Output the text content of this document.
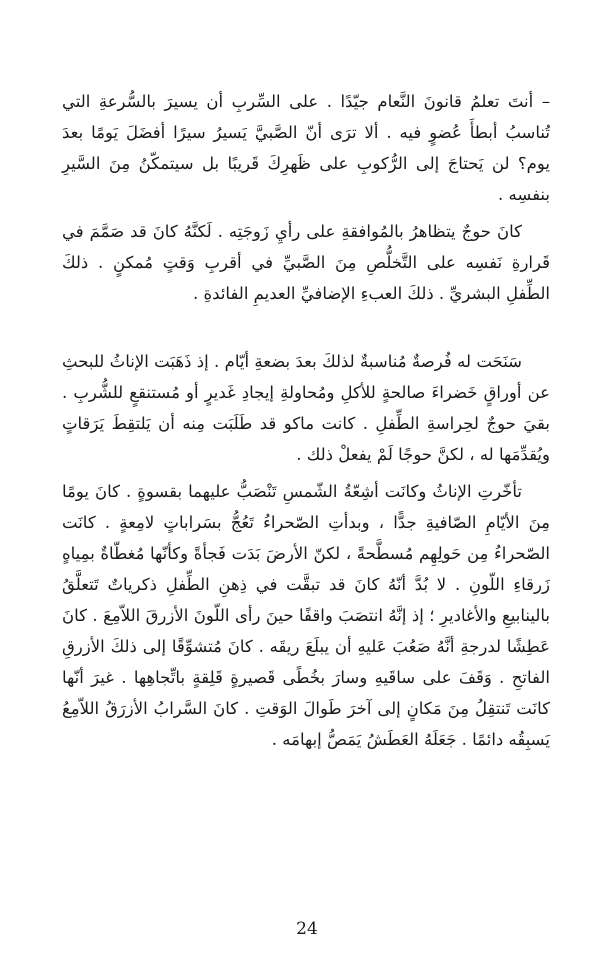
– أنتَ تعلمُ قانونَ النَّعام جيّدًا . على السِّربِ أن يسيرَ بالسُّرعةِ التي تُناسبُ أبطأَ عُضوٍ فيه . ألا ترَى أنّ الصَّبيَّ يَسيرُ سيرًا أفضَلَ يَومًا بعدَ يوم؟ لن يَحتاجَ إلى الرُّكوبِ على ظَهرِكَ قَريبًا بل سيتمكّنُ مِنَ السَّيرِ بنفسِه .

كانَ حوجٌ يتظاهرُ بالمُوافقةِ على رأيِ زَوجَتِه . لَكنَّهُ كانَ قد صَمَّمَ في قَرارةِ نَفسِه على التَّخلُّصِ مِنَ الصَّبيِّ في أقربِ وَقتٍ مُمكنٍ . ذلكَ الطِّفلِ البشريِّ . ذلكَ العبءِ الإضافيِّ العديمِ الفائدةِ .

سَنَحَت له فُرصةٌ مُناسبةٌ لذلكَ بعدَ بضعةِ أيّام . إذ ذَهَبَت الإناثُ للبحثِ عن أوراقٍ خَضراءَ صالحةٍ للأكلِ ومُحاولةِ إيجادِ غَديرٍ أو مُستنقعٍ للشُّربِ . بقيَ حوجٌ لحِراسةِ الطِّفلِ . كانت ماكو قد طَلَبَت مِنه أن يَلتقِطَ يَرَقاتٍ ويُقدِّمَها له ، لكنَّ حوجًا لَمْ يفعلْ ذلك .

تأخّرتِ الإناثُ وكانَت أشِعّةُ الشّمسِ تَنْصَبُّ عليهما بقسوةٍ . كانَ يومًا مِنَ الأيّامِ الصّافيةِ جدًّا ، وبدأتِ الصّحراءُ تَعُجُّ بسَراباتٍ لامِعةٍ . كانَت الصّحراءُ مِن حَولِهِم مُسطَّحةً ، لكنّ الأرضَ بَدَت فَجأةً وكأنّها مُغطّاةٌ بمِياهٍ زَرقاءِ اللّونِ . لا بُدَّ أنّهُ كانَ قد تبقَّت في ذِهنِ الطِّفلِ ذكرياتٌ تَتعلَّقُ بالينابيعِ والأغاديرِ ؛ إذ إنَّهُ انتصَبَ واقفًا حينَ رأى اللّونَ الأزرقَ اللاّمِعَ . كانَ عَطِشًا لدرجةِ أنَّهُ صَعُبَ عَليهِ أن يبلَعَ ريقَه . كانَ مُتشوِّقًا إلى ذلكَ الأزرقِ الفاتحِ . وَقَفَ على ساقَيهِ وسارَ بخُطًى قَصيرةٍ قَلِقةٍ باتِّجاهِها . غيرَ أنّها كانَت تَنتقِلُ مِنَ مَكانٍ إلى آخرَ طَوالَ الوَقتِ . كانَ السَّرابُ الأزرَقُ اللاّمِعُ يَسبِقُه دائمًا . جَعَلَهُ العَطَشُ يَمَصُّ إبهامَه .

24
